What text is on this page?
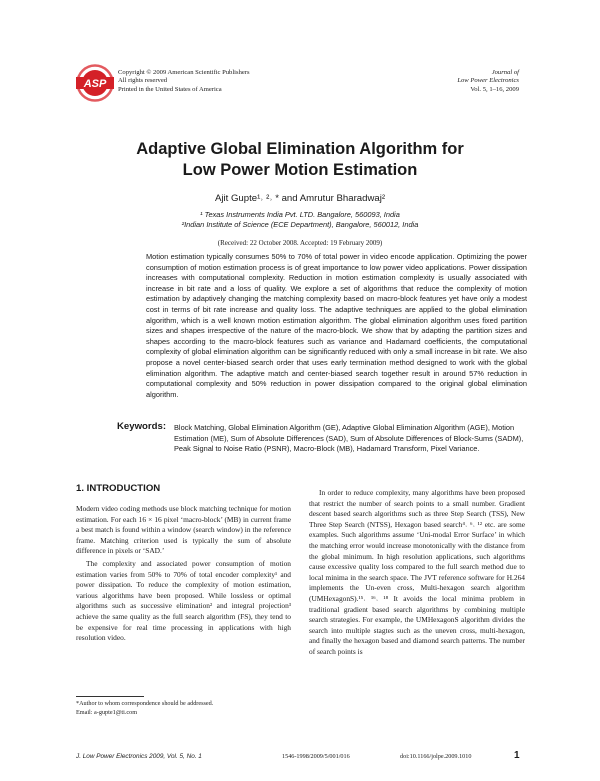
ASP
Copyright © 2009 American Scientific Publishers
All rights reserved
Printed in the United States of America
Journal of
Low Power Electronics
Vol. 5, 1–16, 2009
Adaptive Global Elimination Algorithm for
Low Power Motion Estimation
Ajit Gupte¹˒ ²˒ * and Amrutur Bharadwaj²
¹ Texas Instruments India Pvt. LTD. Bangalore, 560093, India
²Indian Institute of Science (ECE Department), Bangalore, 560012, India
(Received: 22 October 2008. Accepted: 19 February 2009)
Motion estimation typically consumes 50% to 70% of total power in video encode application. Optimizing the power consumption of motion estimation process is of great importance to low power video applications. Power dissipation increases with computational complexity. Reduction in motion estimation complexity is usually associated with increase in bit rate and a loss of quality. We explore a set of algorithms that reduce the complexity of motion estimation by adaptively changing the matching complexity based on macro-block features yet have only a modest cost in terms of bit rate increase and quality loss. The adaptive techniques are applied to the global elimination algorithm, which is a well known motion estimation algorithm. The global elimination algorithm uses fixed partition sizes and shapes irrespective of the nature of the macro-block. We show that by adapting the partition sizes and shapes according to the macro-block features such as variance and Hadamard coefficients, the computational complexity of global elimination algorithm can be significantly reduced with only a small increase in bit rate. We also propose a novel center-biased search order that uses early termination method designed to work with the global elimination algorithm. The adaptive match and center-biased search together result in around 57% reduction in computational complexity and 50% reduction in power dissipation compared to the original global elimination algorithm.
Keywords: Block Matching, Global Elimination Algorithm (GE), Adaptive Global Elimination Algorithm (AGE), Motion Estimation (ME), Sum of Absolute Differences (SAD), Sum of Absolute Differences of Block-Sums (SADM), Peak Signal to Noise Ratio (PSNR), Macro-Block (MB), Hadamard Transform, Pixel Variance.
1. INTRODUCTION

Modern video coding methods use block matching technique for motion estimation. For each 16 × 16 pixel ‘macro-block’ (MB) in current frame a best match is found within a window (search window) in the reference frame. Matching criterion used is typically the sum of absolute difference in pixels or ‘SAD.’

The complexity and associated power consumption of motion estimation varies from 50% to 70% of total encoder complexity¹ and power dissipation. To reduce the complexity of motion estimation, various algorithms have been proposed. While lossless or optimal algorithms such as successive elimination² and integral projection³ achieve the same quality as the full search algorithm (FS), they tend to be expensive for real time processing in applications with high resolution video.

In order to reduce complexity, many algorithms have been proposed that restrict the number of search points to a small number. Gradient descent based search algorithms such as three Step Search (TSS), New Three Step Search (NTSS), Hexagon based search⁴˒ ⁶˒ ¹² etc. are some examples. Such algorithms assume ‘Uni-modal Error Surface’ in which the matching error would increase monotonically with the distance from the global minimum. In high resolution applications, such algorithms cause excessive quality loss compared to the full search method due to local minima in the search space. The JVT reference software for H.264 implements the Un-even cross, Multi-hexagon search algorithm (UMHexagonS).¹⁵˒ ¹⁶˒ ¹⁸ It avoids the local minima problem in traditional gradient based search algorithms by combining multiple search strategies. For example, the UMHexagonS algorithm divides the search into multiple stagtes such as the uneven cross, multi-hexagon, and finally the hexagon based and diamond search patterns. The number of search points is

*Author to whom correspondence should be addressed.
Email: a-gupte1@ti.com
J. Low Power Electronics 2009, Vol. 5, No. 1	1546-1998/2009/5/001/016	doi:10.1166/jolpe.2009.1010	1
